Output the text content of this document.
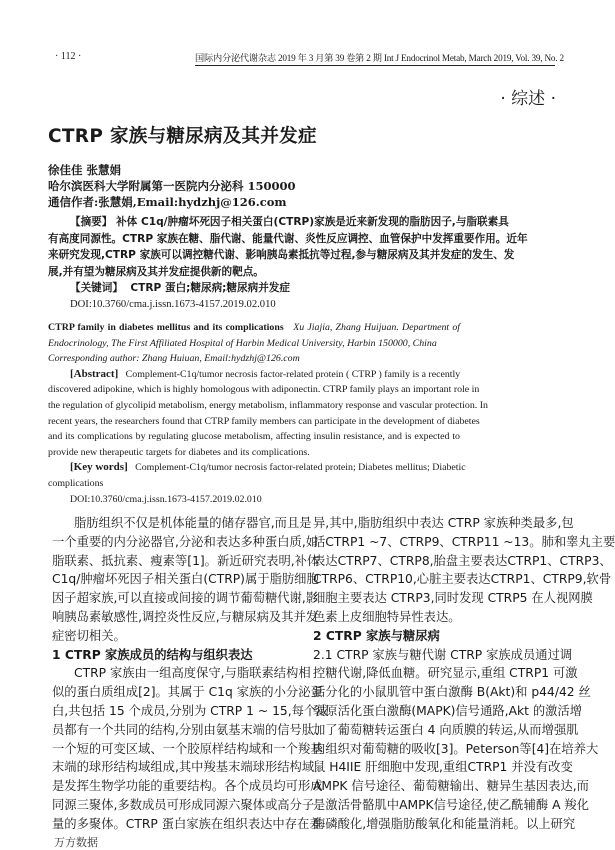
· 112 ·	国际内分泌代谢杂志 2019 年 3 月第 39 卷第 2 期 Int J Endocrinol Metab, March 2019, Vol. 39, No. 2
· 综述 ·
CTRP 家族与糖尿病及其并发症
徐佳佳 张慧娟
哈尔滨医科大学附属第一医院内分泌科 150000
通信作者:张慧娟,Email:hydzhj@126.com
【摘要】 补体 C1q/肿瘤坏死因子相关蛋白(CTRP)家族是近来新发现的脂肪因子,与脂联素具
有高度同源性。CTRP 家族在糖、脂代谢、能量代谢、炎性反应调控、血管保护中发挥重要作用。近年
来研究发现,CTRP 家族可以调控糖代谢、影响胰岛素抵抗等过程,参与糖尿病及其并发症的发生、发
展,并有望为糖尿病及其并发症提供新的靶点。
【关键词】 CTRP 蛋白;糖尿病;糖尿病并发症
DOI:10.3760/cma.j.issn.1673-4157.2019.02.010
CTRP family in diabetes mellitus and its complications Xu Jiajia, Zhang Huijuan. Department of
Endocrinology, The First Affiliated Hospital of Harbin Medical University, Harbin 150000, China
Corresponding author: Zhang Huiuan, Email:hydzhj@126.com
[Abstract] Complement-C1q/tumor necrosis factor-related protein ( CTRP ) family is a recently
discovered adipokine, which is highly homologous with adiponectin. CTRP family plays an important role in
the regulation of glycolipid metabolism, energy metabolism, inflammatory response and vascular protection. In
recent years, the researchers found that CTRP family members can participate in the development of diabetes
and its complications by regulating glucose metabolism, affecting insulin resistance, and is expected to
provide new therapeutic targets for diabetes and its complications.
[Key words] Complement-C1q/tumor necrosis factor-related protein; Diabetes mellitus; Diabetic
complications
DOI:10.3760/cma.j.issn.1673-4157.2019.02.010
脂肪组织不仅是机体能量的储存器官,而且是
一个重要的内分泌器官,分泌和表达多种蛋白质,如
脂联素、抵抗素、瘦素等[1]。新近研究表明,补体
C1q/肿瘤坏死因子相关蛋白(CTRP)属于脂肪细胞
因子超家族,可以直接或间接的调节葡萄糖代谢,影
响胰岛素敏感性,调控炎性反应,与糖尿病及其并发
症密切相关。
1 CTRP 家族成员的结构与组织表达
CTRP 家族由一组高度保守,与脂联素结构相
似的蛋白质组成[2]。其属于 C1q 家族的小分泌蛋
白,共包括 15 个成员,分别为 CTRP 1 ~ 15,每个成
员都有一个共同的结构,分别由氨基末端的信号肽、
一个短的可变区域、一个胶原样结构域和一个羧基
末端的球形结构域组成,其中羧基末端球形结构域
是发挥生物学功能的重要结构。各个成员均可形成
同源三聚体,多数成员可形成同源六聚体或高分子
量的多聚体。CTRP 蛋白家族在组织表达中存在差
异,其中,脂肪组织中表达 CTRP 家族种类最多,包
括CTRP1 ~7、CTRP9、CTRP11 ~13。肺和睾丸主要
表达CTRP7、CTRP8,胎盘主要表达CTRP1、CTRP3、
CTRP6、CTRP10,心脏主要表达CTRP1、CTRP9,软骨
细胞主要表达 CTRP3,同时发现 CTRP5 在人视网膜
色素上皮细胞特异性表达。
2 CTRP 家族与糖尿病
2.1 CTRP 家族与糖代谢 CTRP 家族成员通过调
控糖代谢,降低血糖。研究显示,重组 CTRP1 可激
活分化的小鼠肌管中蛋白激酶 B(Akt)和 p44/42 丝
裂原活化蛋白激酶(MAPK)信号通路,Akt 的激活增
加了葡萄糖转运蛋白 4 向质膜的转运,从而增强肌
肉组织对葡萄糖的吸收[3]。Peterson等[4]在培养大
鼠 H4IIE 肝细胞中发现,重组CTRP1 并没有改变
AMPK 信号途径、葡萄糖输出、糖异生基因表达,而
是激活骨骼肌中AMPK信号途径,使乙酰辅酶 A 羧化
酶磷酸化,增强脂肪酸氧化和能量消耗。以上研究
万方数据
